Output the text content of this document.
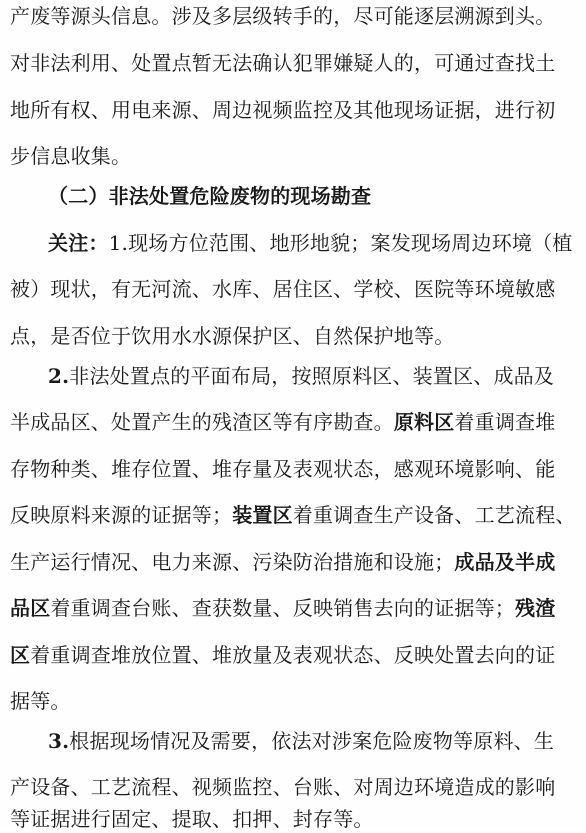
产废等源头信息。涉及多层级转手的，尽可能逐层溯源到头。
对非法利用、处置点暂无法确认犯罪嫌疑人的，可通过查找土
地所有权、用电来源、周边视频监控及其他现场证据，进行初
步信息收集。
（二）非法处置危险废物的现场勘查
关注：1.现场方位范围、地形地貌；案发现场周边环境（植
被）现状，有无河流、水库、居住区、学校、医院等环境敏感
点，是否位于饮用水水源保护区、自然保护地等。
2.非法处置点的平面布局，按照原料区、装置区、成品及
半成品区、处置产生的残渣区等有序勘查。原料区着重调查堆
存物种类、堆存位置、堆存量及表观状态，感观环境影响、能
反映原料来源的证据等；装置区着重调查生产设备、工艺流程、
生产运行情况、电力来源、污染防治措施和设施；成品及半成
品区着重调查台账、查获数量、反映销售去向的证据等；残渣
区着重调查堆放位置、堆放量及表观状态、反映处置去向的证
据等。
3.根据现场情况及需要，依法对涉案危险废物等原料、生
产设备、工艺流程、视频监控、台账、对周边环境造成的影响
等证据进行固定、提取、扣押、封存等。
